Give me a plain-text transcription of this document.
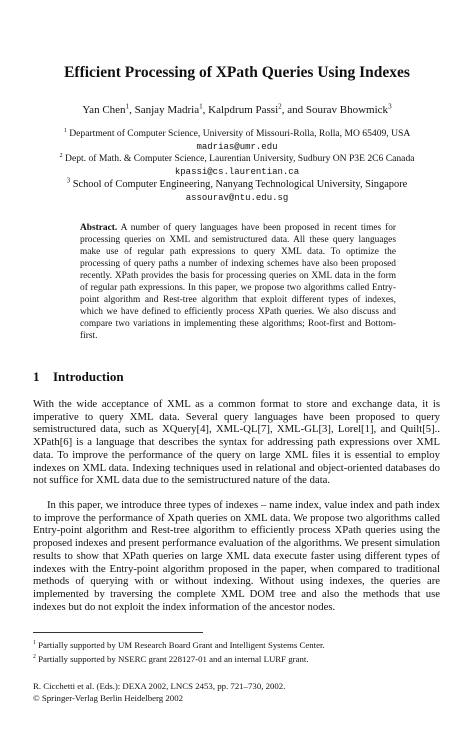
Efficient Processing of XPath Queries Using Indexes
Yan Chen$^1$, Sanjay Madria$^1$, Kalpdrum Passi$^2$, and Sourav Bhowmick$^3$
$^1$ Department of Computer Science, University of Missouri-Rolla, Rolla, MO 65409, USA
madrias@umr.edu
$^2$ Dept. of Math. & Computer Science, Laurentian University, Sudbury ON P3E 2C6 Canada
kpassi@cs.laurentian.ca
$^3$ School of Computer Engineering, Nanyang Technological University, Singapore
assourav@ntu.edu.sg
Abstract. A number of query languages have been proposed in recent times for processing queries on XML and semistructured data. All these query languages make use of regular path expressions to query XML data. To optimize the processing of query paths a number of indexing schemes have also been proposed recently. XPath provides the basis for processing queries on XML data in the form of regular path expressions. In this paper, we propose two algorithms called Entry-point algorithm and Rest-tree algorithm that exploit different types of indexes, which we have defined to efficiently process XPath queries. We also discuss and compare two variations in implementing these algorithms; Root-first and Bottom-first.
1 Introduction

With the wide acceptance of XML as a common format to store and exchange data, it is imperative to query XML data. Several query languages have been proposed to query semistructured data, such as XQuery[4], XML-QL[7], XML-GL[3], Lorel[1], and Quilt[5].. XPath[6] is a language that describes the syntax for addressing path expressions over XML data. To improve the performance of the query on large XML files it is essential to employ indexes on XML data. Indexing techniques used in relational and object-oriented databases do not suffice for XML data due to the semistructured nature of the data.

In this paper, we introduce three types of indexes – name index, value index and path index to improve the performance of Xpath queries on XML data. We propose two algorithms called Entry-point algorithm and Rest-tree algorithm to efficiently process XPath queries using the proposed indexes and present performance evaluation of the algorithms. We present simulation results to show that XPath queries on large XML data execute faster using different types of indexes with the Entry-point algorithm proposed in the paper, when compared to traditional methods of querying with or without indexing. Without using indexes, the queries are implemented by traversing the complete XML DOM tree and also the methods that use indexes but do not exploit the index information of the ancestor nodes.

$^1$ Partially supported by UM Research Board Grant and Intelligent Systems Center.
$^2$ Partially supported by NSERC grant 228127-01 and an internal LURF grant.
R. Cicchetti et al. (Eds.): DEXA 2002, LNCS 2453, pp. 721–730, 2002.
© Springer-Verlag Berlin Heidelberg 2002
